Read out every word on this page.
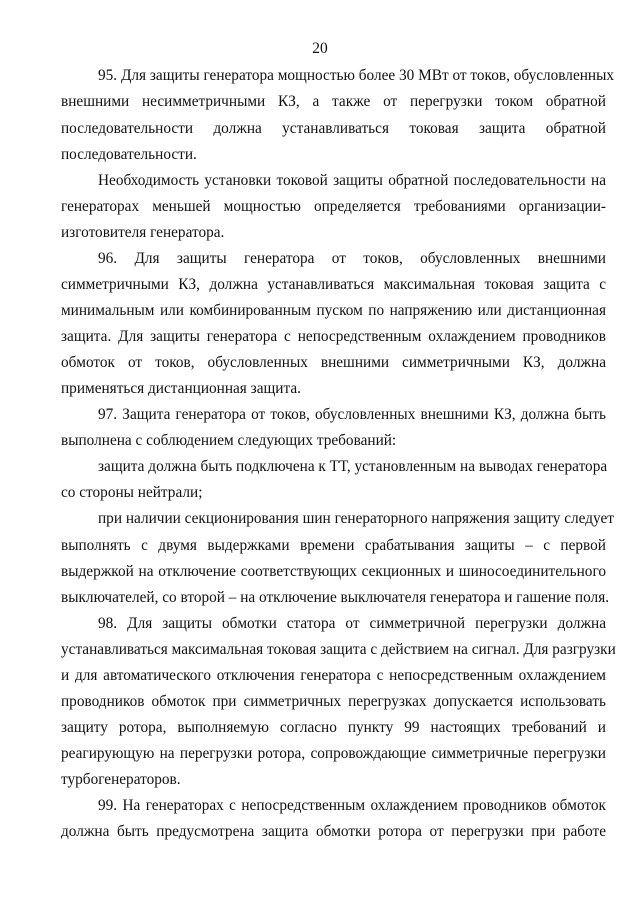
20
95. Для защиты генератора мощностью более 30 МВт от токов, обусловленных
внешними несимметричными КЗ, а также от перегрузки током обратной
последовательности должна устанавливаться токовая защита обратной
последовательности.
Необходимость установки токовой защиты обратной последовательности на
генераторах меньшей мощностью определяется требованиями организации-
изготовителя генератора.
96. Для защиты генератора от токов, обусловленных внешними
симметричными КЗ, должна устанавливаться максимальная токовая защита с
минимальным или комбинированным пуском по напряжению или дистанционная
защита. Для защиты генератора с непосредственным охлаждением проводников
обмоток от токов, обусловленных внешними симметричными КЗ, должна
применяться дистанционная защита.
97. Защита генератора от токов, обусловленных внешними КЗ, должна быть
выполнена с соблюдением следующих требований:
защита должна быть подключена к ТТ, установленным на выводах генератора
со стороны нейтрали;
при наличии секционирования шин генераторного напряжения защиту следует
выполнять с двумя выдержками времени срабатывания защиты – с первой
выдержкой на отключение соответствующих секционных и шиносоединительного
выключателей, со второй – на отключение выключателя генератора и гашение поля.
98. Для защиты обмотки статора от симметричной перегрузки должна
устанавливаться максимальная токовая защита с действием на сигнал. Для разгрузки
и для автоматического отключения генератора с непосредственным охлаждением
проводников обмоток при симметричных перегрузках допускается использовать
защиту ротора, выполняемую согласно пункту 99 настоящих требований и
реагирующую на перегрузки ротора, сопровождающие симметричные перегрузки
турбогенераторов.
99. На генераторах с непосредственным охлаждением проводников обмоток
должна быть предусмотрена защита обмотки ротора от перегрузки при работе
